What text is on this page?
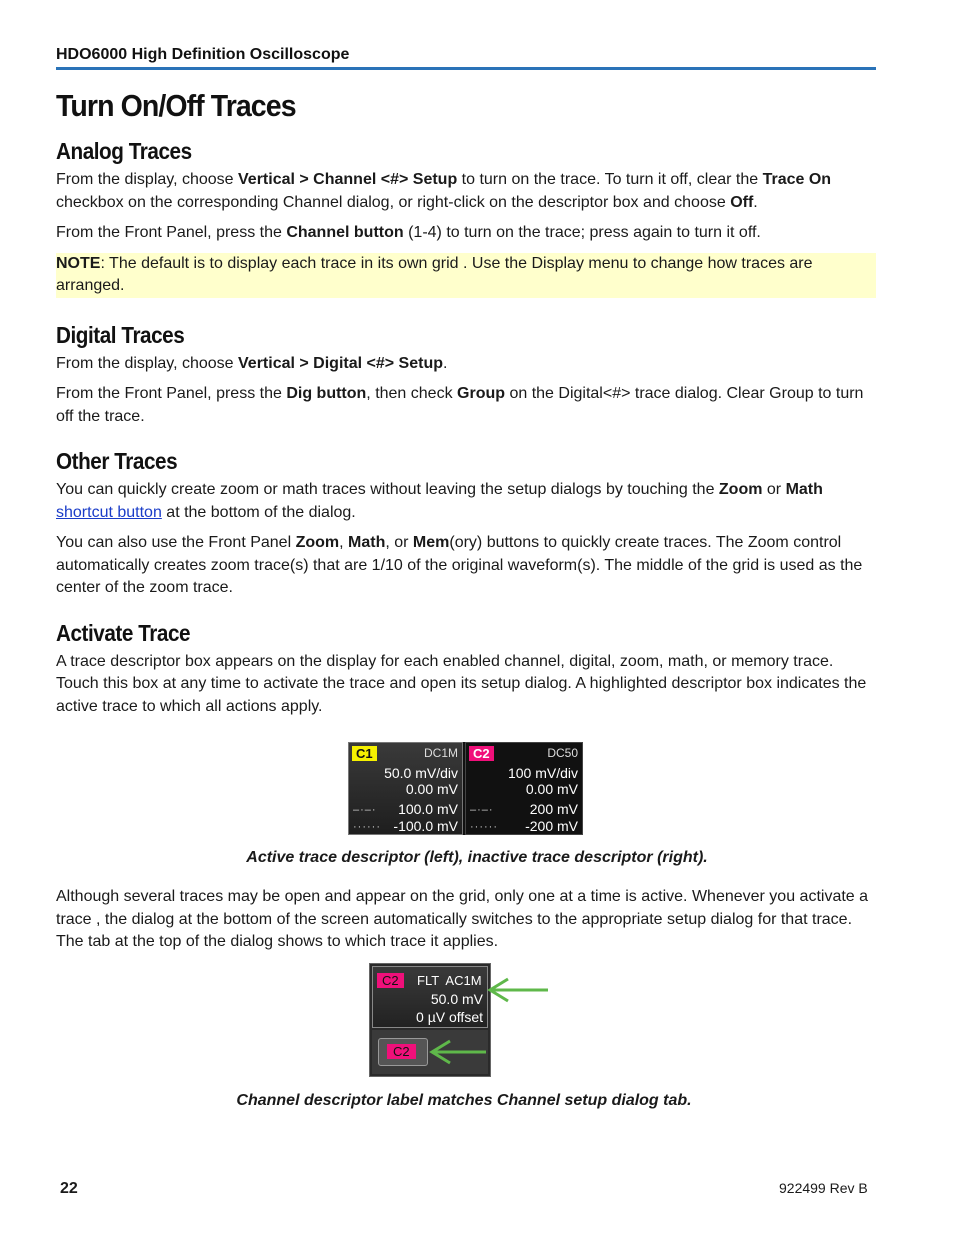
HDO6000 High Definition Oscilloscope
Turn On/Off Traces
Analog Traces

From the display, choose Vertical > Channel <#> Setup to turn on the trace. To turn it off, clear the Trace On checkbox on the corresponding Channel dialog, or right-click on the descriptor box and choose Off.

From the Front Panel, press the Channel button (1-4) to turn on the trace; press again to turn it off.

NOTE: The default is to display each trace in its own grid . Use the Display menu to change how traces are arranged.

Digital Traces

From the display, choose Vertical > Digital <#> Setup.

From the Front Panel, press the Dig button, then check Group on the Digital<#> trace dialog. Clear Group to turn off the trace.

Other Traces

You can quickly create zoom or math traces without leaving the setup dialogs by touching the Zoom or Math shortcut button at the bottom of the dialog.

You can also use the Front Panel Zoom, Math, or Mem(ory) buttons to quickly create traces. The Zoom control automatically creates zoom trace(s) that are 1/10 of the original waveform(s). The middle of the grid is used as the center of the zoom trace.

Activate Trace

A trace descriptor box appears on the display for each enabled channel, digital, zoom, math, or memory trace. Touch this box at any time to activate the trace and open its setup dialog. A highlighted descriptor box indicates the active trace to which all actions apply.

C1	DC1M
50.0 mV/div
0.00 mV
–·–· 100.0 mV
······ -100.0 mV
C2	DC50
100 mV/div
0.00 mV
–·–·	200 mV
······ -200 mV

Active trace descriptor (left), inactive trace descriptor (right).

Although several traces may be open and appear on the grid, only one at a time is active. Whenever you activate a trace , the dialog at the bottom of the screen automatically switches to the appropriate setup dialog for that trace. The tab at the top of the dialog shows to which trace it applies.

C2	FLT  AC1M
50.0 mV
0 µV offset
C2

Channel descriptor label matches Channel setup dialog tab.

22	922499 Rev B
